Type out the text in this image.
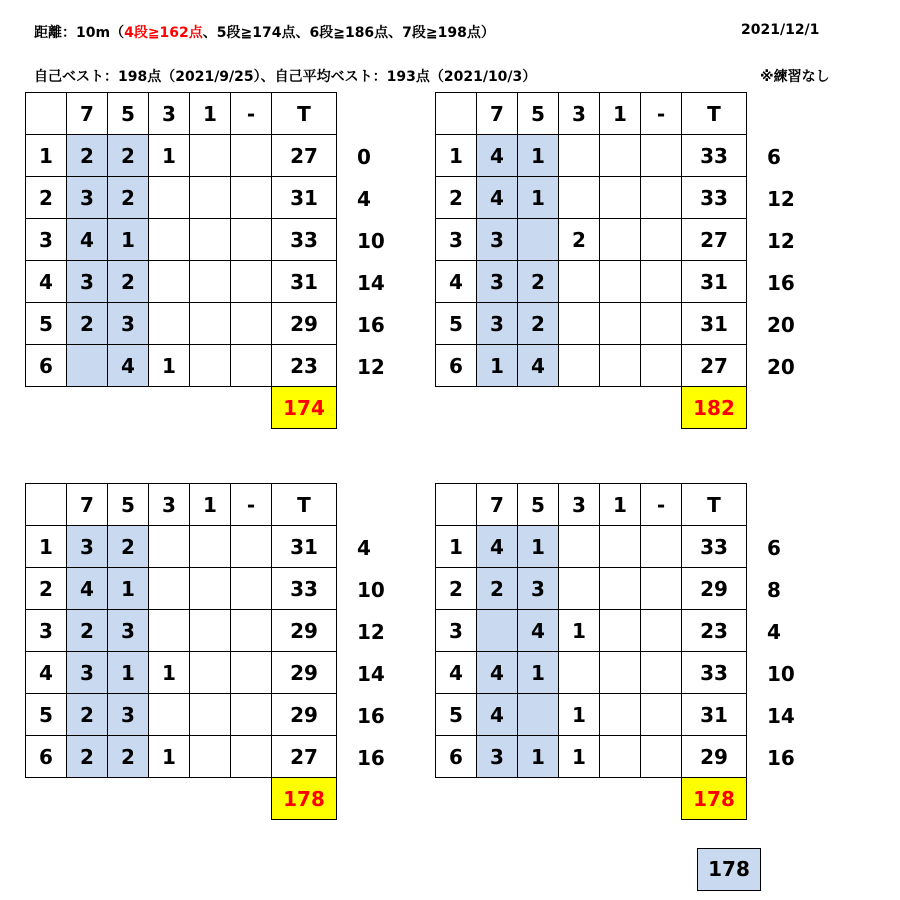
距離：10m（4段≧162点、5段≧174点、6段≧186点、7段≧198点）	2021/12/1
自己ベスト：198点（2021/9/25）、自己平均ベスト：193点（2021/10/3）	※練習なし
	7	5	3	1	-	T
1	2	2	1			27
2	3	2				31
3	4	1				33
4	3	2				31
5	2	3				29
6		4	1			23
						174
0
4
10
14
16
12
	7	5	3	1	-	T
1	4	1				33
2	4	1				33
3	3		2			27
4	3	2				31
5	3	2				31
6	1	4				27
						182
6
12
12
16
20
20
	7	5	3	1	-	T
1	3	2				31
2	4	1				33
3	2	3				29
4	3	1	1			29
5	2	3				29
6	2	2	1			27
						178
4
10
12
14
16
16
	7	5	3	1	-	T
1	4	1				33
2	2	3				29
3		4	1			23
4	4	1				33
5	4		1			31
6	3	1	1			29
						178
6
8
4
10
14
16
178
